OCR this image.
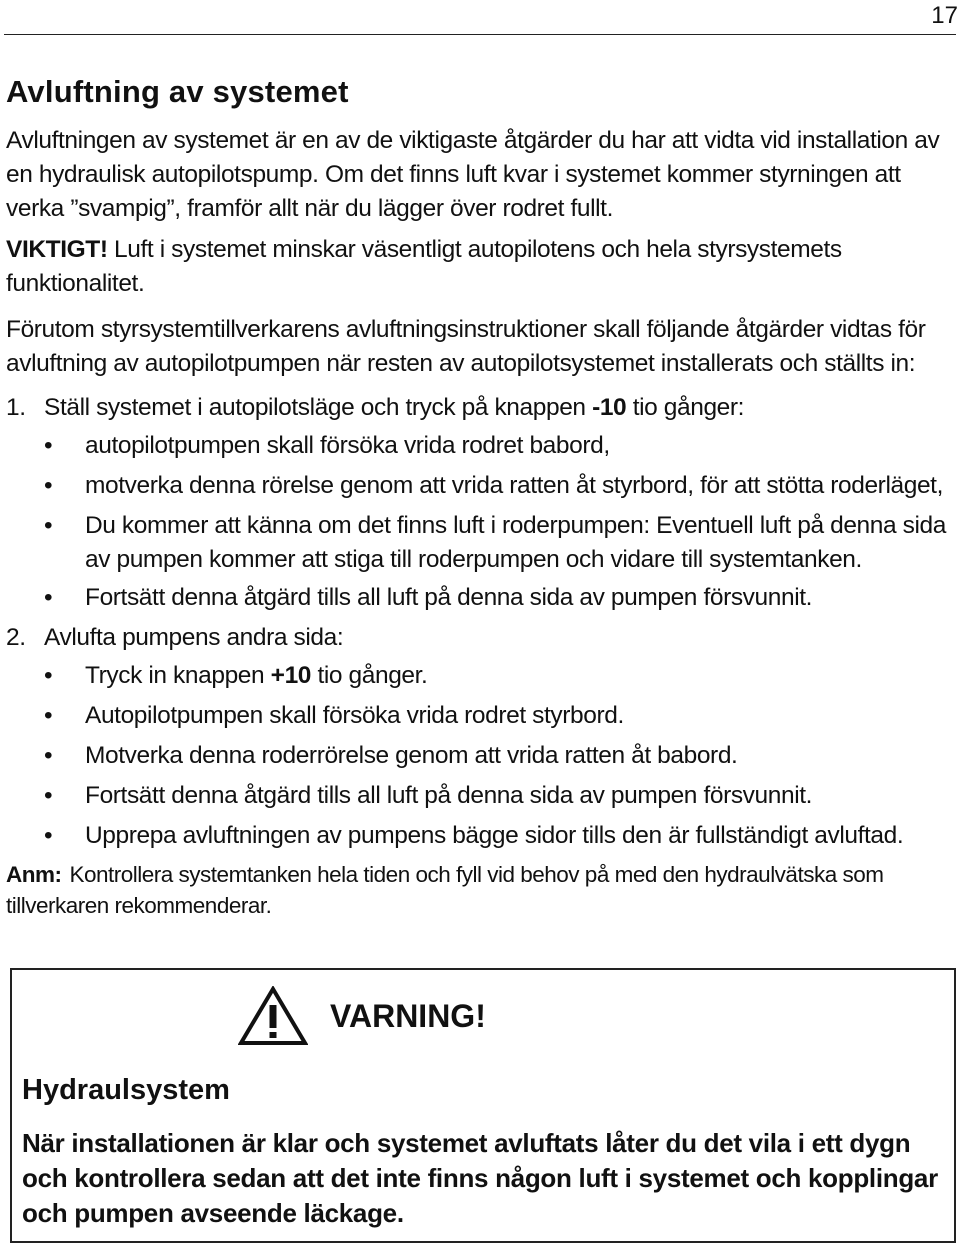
17
Avluftning av systemet

Avluftningen av systemet är en av de viktigaste åtgärder du har att vidta vid installation av en hydraulisk autopilotspump. Om det finns luft kvar i systemet kommer styrningen att verka ”svampig”, framför allt när du lägger över rodret fullt.

VIKTIGT! Luft i systemet minskar väsentligt autopilotens och hela styrsystemets funktionalitet.

Förutom styrsystemtillverkarens avluftningsinstruktioner skall följande åtgärder vidtas för avluftning av autopilotpumpen när resten av autopilotsystemet installerats och ställts in:

1. Ställ systemet i autopilotsläge och tryck på knappen -10 tio gånger:
•	autopilotpumpen skall försöka vrida rodret babord,
•	motverka denna rörelse genom att vrida ratten åt styrbord, för att stötta roderläget,
•	Du kommer att känna om det finns luft i roderpumpen: Eventuell luft på denna sida av pumpen kommer att stiga till roderpumpen och vidare till systemtanken.
•	Fortsätt denna åtgärd tills all luft på denna sida av pumpen försvunnit.
2. Avlufta pumpens andra sida:
•	Tryck in knappen +10 tio gånger.
•	Autopilotpumpen skall försöka vrida rodret styrbord.
•	Motverka denna roderrörelse genom att vrida ratten åt babord.
•	Fortsätt denna åtgärd tills all luft på denna sida av pumpen försvunnit.
•	Upprepa avluftningen av pumpens bägge sidor tills den är fullständigt avluftad.

Anm: Kontrollera systemtanken hela tiden och fyll vid behov på med den hydraulvätska som tillverkaren rekommenderar.

VARNING!
Hydraulsystem
När installationen är klar och systemet avluftats låter du det vila i ett dygn och kontrollera sedan att det inte finns någon luft i systemet och kopplingar och pumpen avseende läckage.
